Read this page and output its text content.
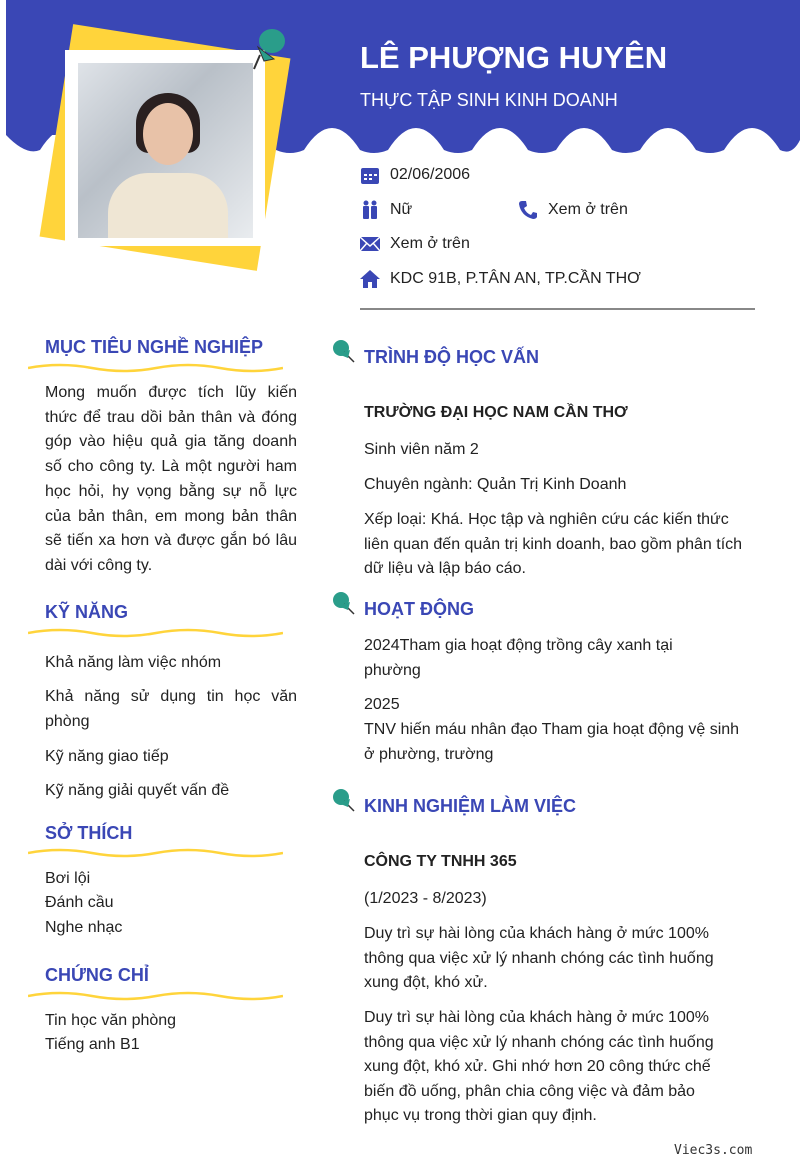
LÊ PHƯỢNG HUYÊN
THỰC TẬP SINH KINH DOANH
02/06/2006
Nữ	Xem ở trên
Xem ở trên
KDC 91B, P.TÂN AN, TP.CẦN THƠ
MỤC TIÊU NGHỀ NGHIỆP
Mong muốn được tích lũy kiến thức để trau dồi bản thân và đóng góp vào hiệu quả gia tăng doanh số cho công ty. Là một người ham học hỏi, hy vọng bằng sự nỗ lực của bản thân, em mong bản thân sẽ tiến xa hơn và được gắn bó lâu dài với công ty.
KỸ NĂNG
Khả năng làm việc nhóm
Khả năng sử dụng tin học văn phòng
Kỹ năng giao tiếp
Kỹ năng giải quyết vấn đề
SỞ THÍCH
Bơi lội
Đánh cầu
Nghe nhạc
CHỨNG CHỈ
Tin học văn phòng
Tiếng anh B1
TRÌNH ĐỘ HỌC VẤN
TRƯỜNG ĐẠI HỌC NAM CẦN THƠ
Sinh viên năm 2
Chuyên ngành: Quản Trị Kinh Doanh
Xếp loại: Khá. Học tập và nghiên cứu các kiến thức liên quan đến quản trị kinh doanh, bao gồm phân tích dữ liệu và lập báo cáo.
HOẠT ĐỘNG
2024Tham gia hoạt động trồng cây xanh tại phường
2025
TNV hiến máu nhân đạo Tham gia hoạt động vệ sinh ở phường, trường
KINH NGHIỆM LÀM VIỆC
CÔNG TY TNHH 365
(1/2023 - 8/2023)
Duy trì sự hài lòng của khách hàng ở mức 100% thông qua việc xử lý nhanh chóng các tình huống xung đột, khó xử.
Duy trì sự hài lòng của khách hàng ở mức 100% thông qua việc xử lý nhanh chóng các tình huống xung đột, khó xử. Ghi nhớ hơn 20 công thức chế biến đồ uống, phân chia công việc và đảm bảo phục vụ trong thời gian quy định.
Viec3s.com
